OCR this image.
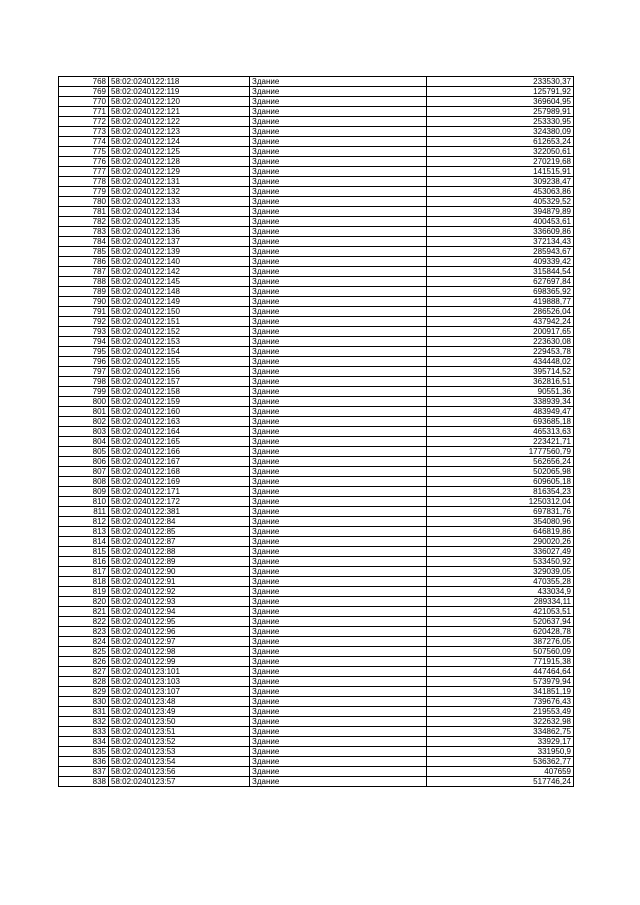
768	58:02:0240122:118	Здание	233530,37
769	58:02:0240122:119	Здание	125791,92
770	58:02:0240122:120	Здание	369604,95
771	58:02:0240122:121	Здание	257989,91
772	58:02:0240122:122	Здание	253330,95
773	58:02:0240122:123	Здание	324380,09
774	58:02:0240122:124	Здание	612653,24
775	58:02:0240122:125	Здание	322050,61
776	58:02:0240122:128	Здание	270219,68
777	58:02:0240122:129	Здание	141515,91
778	58:02:0240122:131	Здание	309238,47
779	58:02:0240122:132	Здание	453063,86
780	58:02:0240122:133	Здание	405329,52
781	58:02:0240122:134	Здание	394879,89
782	58:02:0240122:135	Здание	400453,61
783	58:02:0240122:136	Здание	336609,86
784	58:02:0240122:137	Здание	372134,43
785	58:02:0240122:139	Здание	285943,67
786	58:02:0240122:140	Здание	409339,42
787	58:02:0240122:142	Здание	315844,54
788	58:02:0240122:145	Здание	627697,84
789	58:02:0240122:148	Здание	698365,92
790	58:02:0240122:149	Здание	419888,77
791	58:02:0240122:150	Здание	286526,04
792	58:02:0240122:151	Здание	437942,24
793	58:02:0240122:152	Здание	200917,65
794	58:02:0240122:153	Здание	223630,08
795	58:02:0240122:154	Здание	229453,78
796	58:02:0240122:155	Здание	434448,02
797	58:02:0240122:156	Здание	395714,52
798	58:02:0240122:157	Здание	362816,51
799	58:02:0240122:158	Здание	90551,36
800	58:02:0240122:159	Здание	338939,34
801	58:02:0240122:160	Здание	483949,47
802	58:02:0240122:163	Здание	693685,18
803	58:02:0240122:164	Здание	465313,63
804	58:02:0240122:165	Здание	223421,71
805	58:02:0240122:166	Здание	1777560,79
806	58:02:0240122:167	Здание	562656,24
807	58:02:0240122:168	Здание	502065,98
808	58:02:0240122:169	Здание	609605,18
809	58:02:0240122:171	Здание	816354,23
810	58:02:0240122:172	Здание	1250312,04
811	58:02:0240122:381	Здание	697831,76
812	58:02:0240122:84	Здание	354080,96
813	58:02:0240122:85	Здание	646819,86
814	58:02:0240122:87	Здание	290020,26
815	58:02:0240122:88	Здание	336027,49
816	58:02:0240122:89	Здание	533450,92
817	58:02:0240122:90	Здание	329039,05
818	58:02:0240122:91	Здание	470355,28
819	58:02:0240122:92	Здание	433034,9
820	58:02:0240122:93	Здание	289334,11
821	58:02:0240122:94	Здание	421053,51
822	58:02:0240122:95	Здание	520637,94
823	58:02:0240122:96	Здание	620428,78
824	58:02:0240122:97	Здание	387276,05
825	58:02:0240122:98	Здание	507560,09
826	58:02:0240122:99	Здание	771915,38
827	58:02:0240123:101	Здание	447464,64
828	58:02:0240123:103	Здание	573979,94
829	58:02:0240123:107	Здание	341851,19
830	58:02:0240123:48	Здание	739676,43
831	58:02:0240123:49	Здание	219553,49
832	58:02:0240123:50	Здание	322632,98
833	58:02:0240123:51	Здание	334862,75
834	58:02:0240123:52	Здание	33929,17
835	58:02:0240123:53	Здание	331950,9
836	58:02:0240123:54	Здание	536362,77
837	58:02:0240123:56	Здание	407659
838	58:02:0240123:57	Здание	517746,24
